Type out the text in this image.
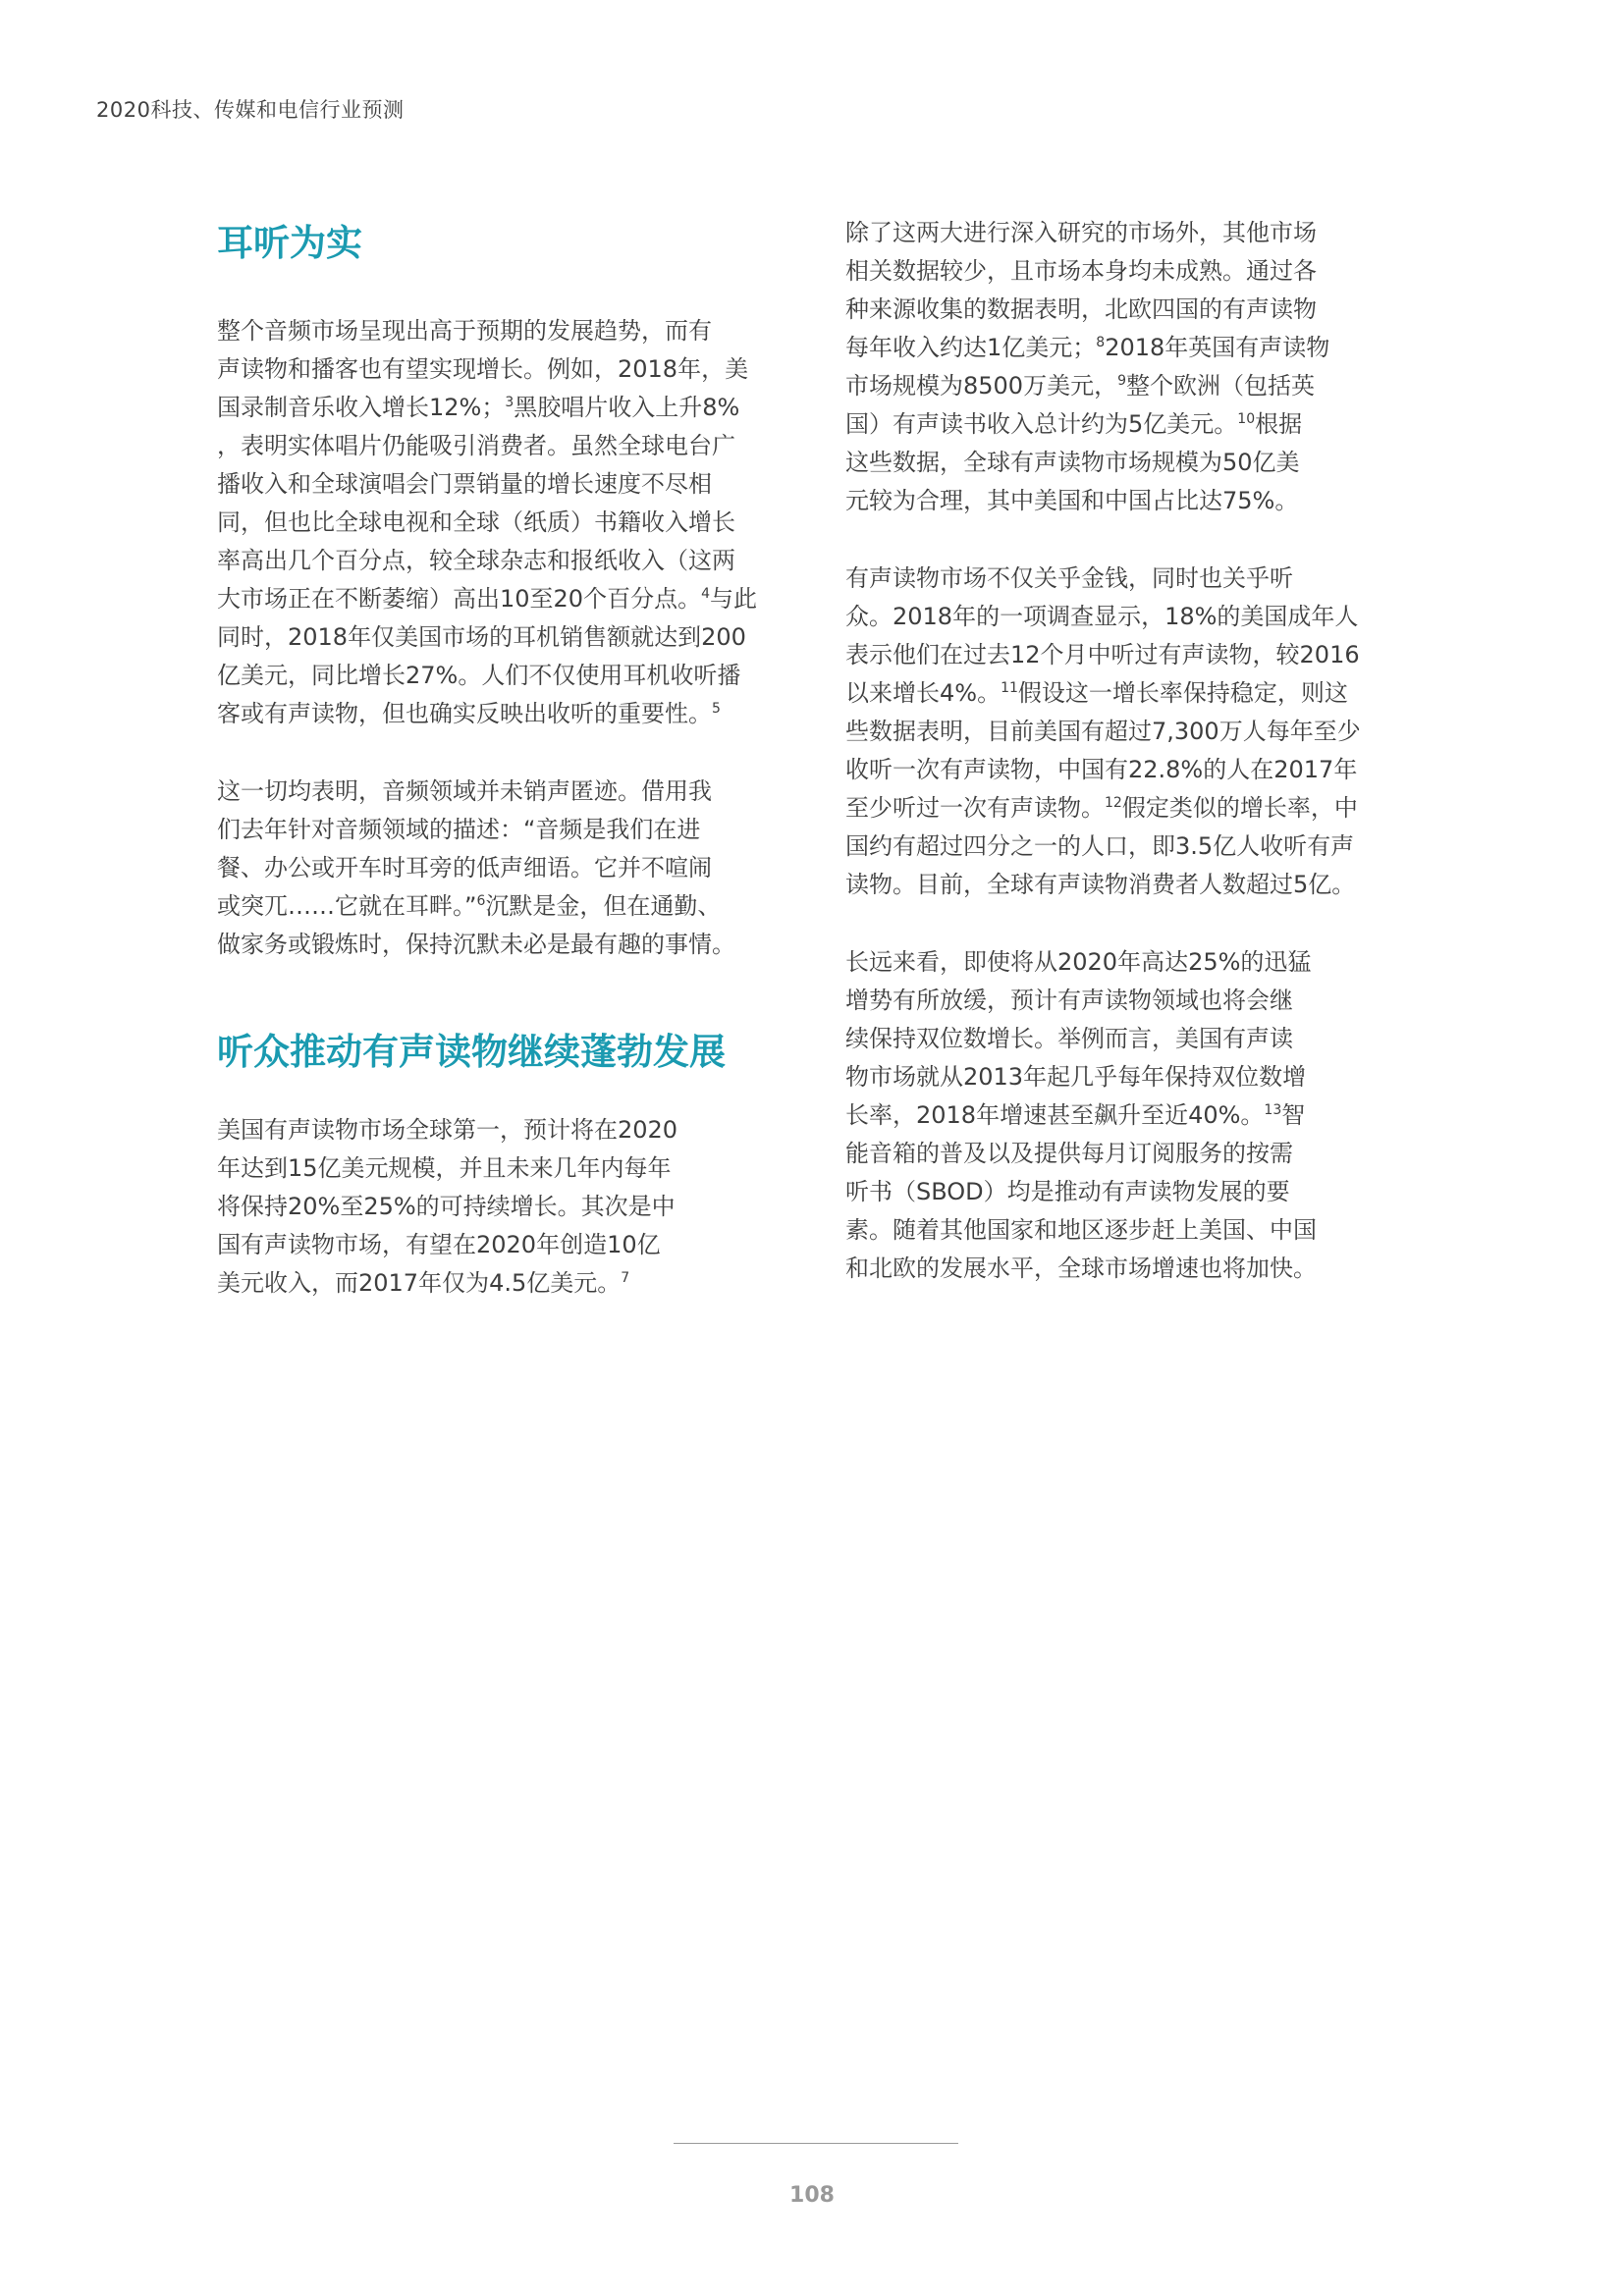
2020科技、传媒和电信行业预测
耳听为实

整个音频市场呈现出高于预期的发展趋势，而有
声读物和播客也有望实现增长。例如，2018年，美
国录制音乐收入增长12%；$^3$黑胶唱片收入上升8%
，表明实体唱片仍能吸引消费者。虽然全球电台广
播收入和全球演唱会门票销量的增长速度不尽相
同，但也比全球电视和全球（纸质）书籍收入增长
率高出几个百分点，较全球杂志和报纸收入（这两
大市场正在不断萎缩）高出10至20个百分点。$^4$与此
同时，2018年仅美国市场的耳机销售额就达到200
亿美元，同比增长27%。人们不仅使用耳机收听播
客或有声读物，但也确实反映出收听的重要性。$^5$

这一切均表明，音频领域并未销声匿迹。借用我
们去年针对音频领域的描述：“音频是我们在进
餐、办公或开车时耳旁的低声细语。它并不喧闹
或突兀……它就在耳畔。”$^6$沉默是金，但在通勤、
做家务或锻炼时，保持沉默未必是最有趣的事情。

听众推动有声读物继续蓬勃发展

美国有声读物市场全球第一，预计将在2020
年达到15亿美元规模，并且未来几年内每年
将保持20%至25%的可持续增长。其次是中
国有声读物市场，有望在2020年创造10亿
美元收入，而2017年仅为4.5亿美元。$^7$

除了这两大进行深入研究的市场外，其他市场
相关数据较少，且市场本身均未成熟。通过各
种来源收集的数据表明，北欧四国的有声读物
每年收入约达1亿美元；$^8$2018年英国有声读物
市场规模为8500万美元，$^9$整个欧洲（包括英
国）有声读书收入总计约为5亿美元。$^{10}$根据
这些数据，全球有声读物市场规模为50亿美
元较为合理，其中美国和中国占比达75%。

有声读物市场不仅关乎金钱，同时也关乎听
众。2018年的一项调查显示，18%的美国成年人
表示他们在过去12个月中听过有声读物，较2016
以来增长4%。$^{11}$假设这一增长率保持稳定，则这
些数据表明，目前美国有超过7,300万人每年至少
收听一次有声读物，中国有22.8%的人在2017年
至少听过一次有声读物。$^{12}$假定类似的增长率，中
国约有超过四分之一的人口，即3.5亿人收听有声
读物。目前，全球有声读物消费者人数超过5亿。

长远来看，即使将从2020年高达25%的迅猛
增势有所放缓，预计有声读物领域也将会继
续保持双位数增长。举例而言，美国有声读
物市场就从2013年起几乎每年保持双位数增
长率，2018年增速甚至飙升至近40%。$^{13}$智
能音箱的普及以及提供每月订阅服务的按需
听书（SBOD）均是推动有声读物发展的要
素。随着其他国家和地区逐步赶上美国、中国
和北欧的发展水平，全球市场增速也将加快。

108
